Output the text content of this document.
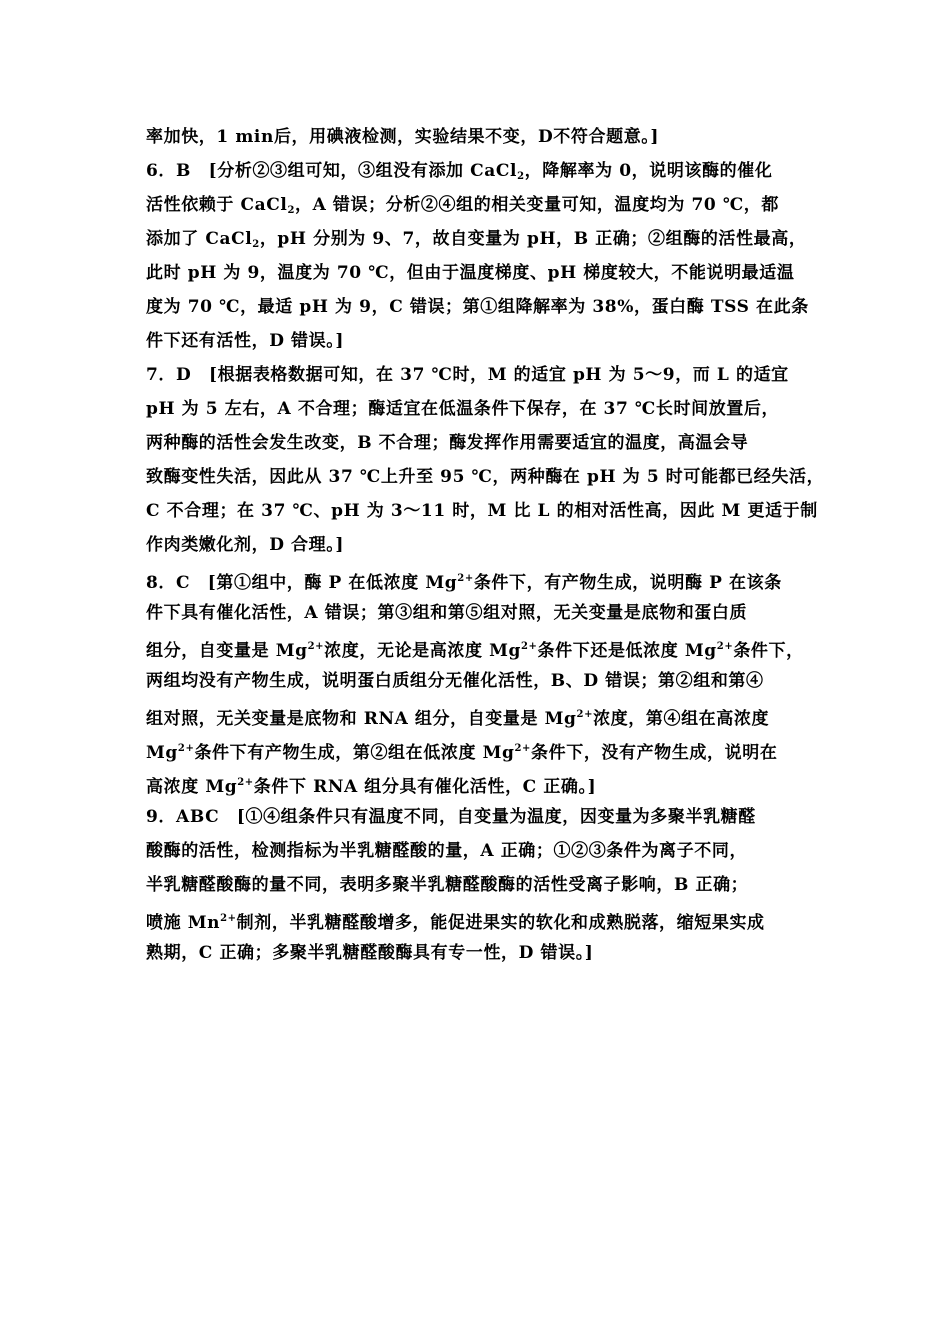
率加快，1 min后，用碘液检测，实验结果不变，D不符合题意。]
6．B　[分析②③组可知，③组没有添加 CaCl$_2$，降解率为 0，说明该酶的催化
活性依赖于 CaCl$_2$，A 错误；分析②④组的相关变量可知，温度均为 70 ℃，都
添加了 CaCl$_2$，pH 分别为 9、7，故自变量为 pH，B 正确；②组酶的活性最高，
此时 pH 为 9，温度为 70 ℃，但由于温度梯度、pH 梯度较大，不能说明最适温
度为 70 ℃，最适 pH 为 9，C 错误；第①组降解率为 38%，蛋白酶 TSS 在此条
件下还有活性，D 错误。]
7．D　[根据表格数据可知，在 37 ℃时，M 的适宜 pH 为 5～9，而 L 的适宜
pH 为 5 左右，A 不合理；酶适宜在低温条件下保存，在 37 ℃长时间放置后，
两种酶的活性会发生改变，B 不合理；酶发挥作用需要适宜的温度，高温会导
致酶变性失活，因此从 37 ℃上升至 95 ℃，两种酶在 pH 为 5 时可能都已经失活，
C 不合理；在 37 ℃、pH 为 3～11 时，M 比 L 的相对活性高，因此 M 更适于制
作肉类嫩化剂，D 合理。]
8．C　[第①组中，酶 P 在低浓度 $Mg^{2+}$条件下，有产物生成，说明酶 P 在该条
件下具有催化活性，A 错误；第③组和第⑤组对照，无关变量是底物和蛋白质
组分，自变量是 $Mg^{2+}$浓度，无论是高浓度 $Mg^{2+}$条件下还是低浓度 $Mg^{2+}$条件下，
两组均没有产物生成，说明蛋白质组分无催化活性，B、D 错误；第②组和第④
组对照，无关变量是底物和 RNA 组分，自变量是 $Mg^{2+}$浓度，第④组在高浓度
$Mg^{2+}$条件下有产物生成，第②组在低浓度 $Mg^{2+}$条件下，没有产物生成，说明在
高浓度 $Mg^{2+}$条件下 RNA 组分具有催化活性，C 正确。]
9．ABC　[①④组条件只有温度不同，自变量为温度，因变量为多聚半乳糖醛
酸酶的活性，检测指标为半乳糖醛酸的量，A 正确；①②③条件为离子不同，
半乳糖醛酸酶的量不同，表明多聚半乳糖醛酸酶的活性受离子影响，B 正确；
喷施 $Mn^{2+}$制剂，半乳糖醛酸增多，能促进果实的软化和成熟脱落，缩短果实成
熟期，C 正确；多聚半乳糖醛酸酶具有专一性，D 错误。]
